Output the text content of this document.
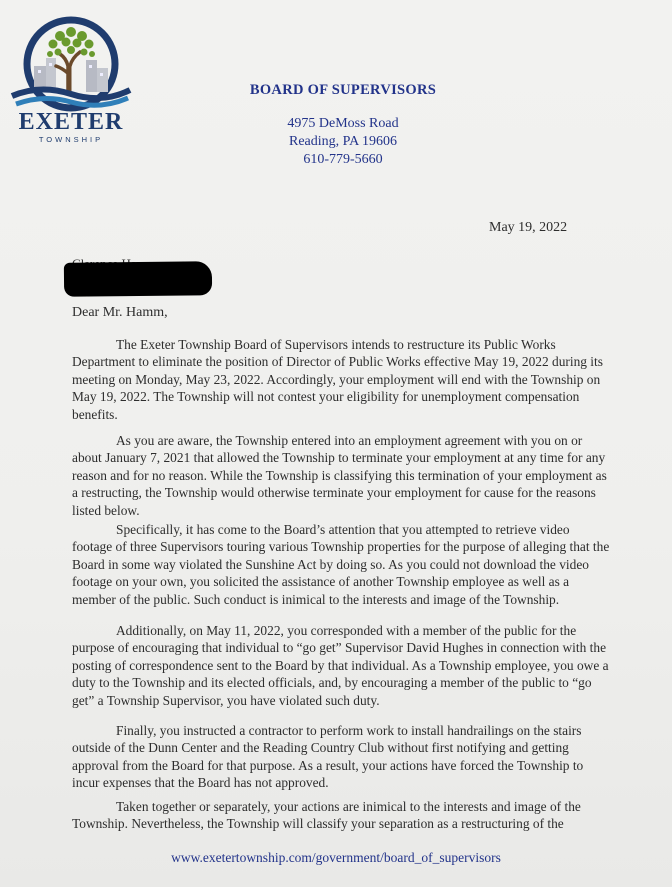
EXETER
TOWNSHIP
BOARD OF SUPERVISORS
4975 DeMoss Road
Reading, PA 19606
610-779-5660
May 19, 2022
Dear Mr. Hamm,

The Exeter Township Board of Supervisors intends to restructure its Public Works Department to eliminate the position of Director of Public Works effective May 19, 2022 during its meeting on Monday, May 23, 2022. Accordingly, your employment will end with the Township on May 19, 2022. The Township will not contest your eligibility for unemployment compensation benefits.

As you are aware, the Township entered into an employment agreement with you on or about January 7, 2021 that allowed the Township to terminate your employment at any time for any reason and for no reason. While the Township is classifying this termination of your employment as a restructing, the Township would otherwise terminate your employment for cause for the reasons listed below.

Specifically, it has come to the Board’s attention that you attempted to retrieve video footage of three Supervisors touring various Township properties for the purpose of alleging that the Board in some way violated the Sunshine Act by doing so. As you could not download the video footage on your own, you solicited the assistance of another Township employee as well as a member of the public. Such conduct is inimical to the interests and image of the Township.

Additionally, on May 11, 2022, you corresponded with a member of the public for the purpose of encouraging that individual to “go get” Supervisor David Hughes in connection with the posting of correspondence sent to the Board by that individual. As a Township employee, you owe a duty to the Township and its elected officials, and, by encouraging a member of the public to “go get” a Township Supervisor, you have violated such duty.

Finally, you instructed a contractor to perform work to install handrailings on the stairs outside of the Dunn Center and the Reading Country Club without first notifying and getting approval from the Board for that purpose. As a result, your actions have forced the Township to incur expenses that the Board has not approved.

Taken together or separately, your actions are inimical to the interests and image of the Township. Nevertheless, the Township will classify your separation as a restructuring of the

www.exetertownship.com/government/board_of_supervisors
